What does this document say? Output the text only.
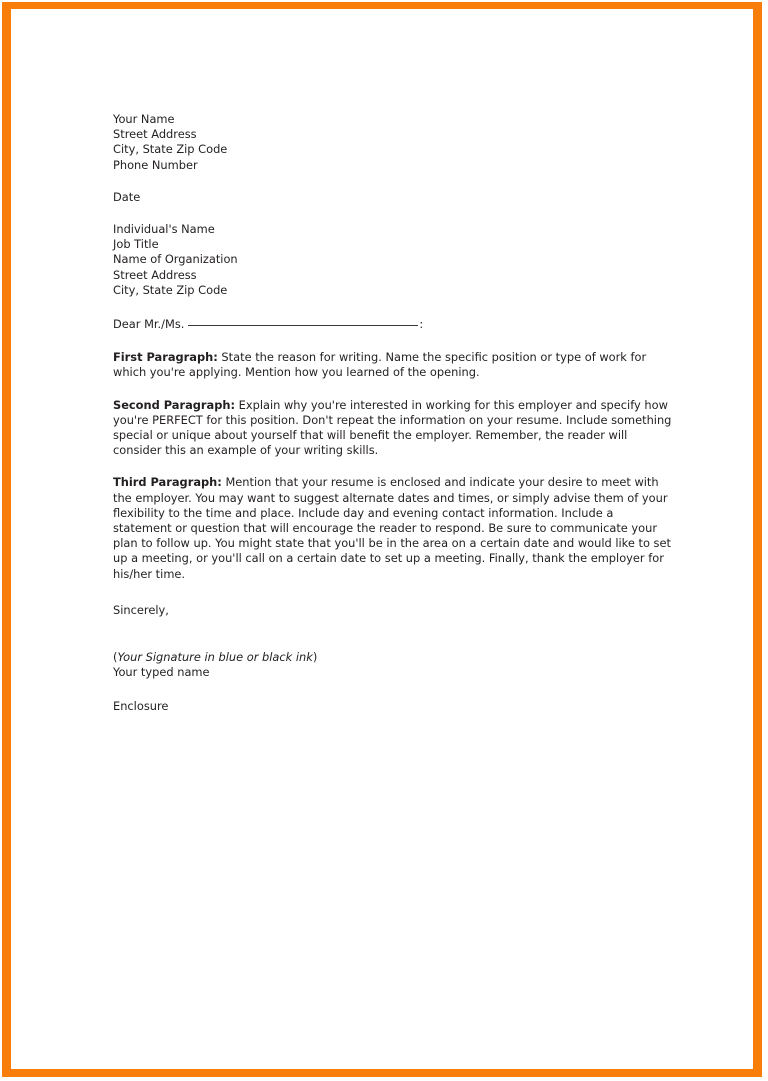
Your Name
Street Address
City, State Zip Code
Phone Number
Date
Individual's Name
Job Title
Name of Organization
Street Address
City, State Zip Code
Dear Mr./Ms.	:

First Paragraph: State the reason for writing. Name the specific position or type of work for which you're applying. Mention how you learned of the opening.

Second Paragraph: Explain why you're interested in working for this employer and specify how you're PERFECT for this position. Don't repeat the information on your resume. Include something special or unique about yourself that will benefit the employer. Remember, the reader will consider this an example of your writing skills.

Third Paragraph: Mention that your resume is enclosed and indicate your desire to meet with the employer. You may want to suggest alternate dates and times, or simply advise them of your flexibility to the time and place. Include day and evening contact information. Include a statement or question that will encourage the reader to respond. Be sure to communicate your plan to follow up. You might state that you'll be in the area on a certain date and would like to set up a meeting, or you'll call on a certain date to set up a meeting. Finally, thank the employer for his/her time.

Sincerely,
(Your Signature in blue or black ink)
Your typed name
Enclosure
